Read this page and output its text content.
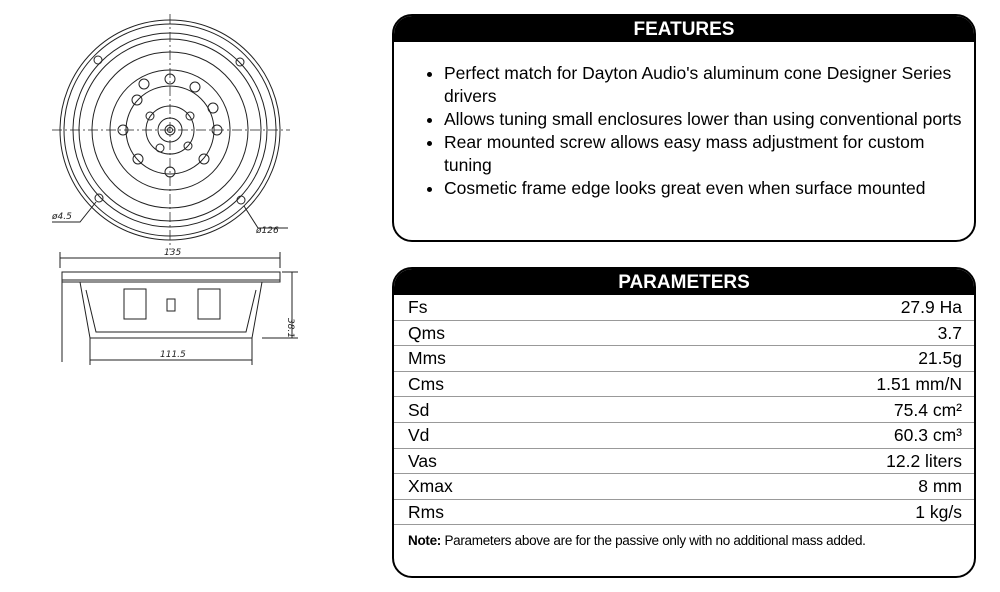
ø4.5
ø126
135
38.1
111.5
FEATURES
• Perfect match for Dayton Audio's aluminum cone Designer Series drivers
• Allows tuning small enclosures lower than using conventional ports
• Rear mounted screw allows easy mass adjustment for custom tuning
• Cosmetic frame edge looks great even when surface mounted
PARAMETERS
Fs	27.9 Ha
Qms	3.7
Mms	21.5g
Cms	1.51 mm/N
Sd	75.4 cm²
Vd	60.3 cm³
Vas	12.2 liters
Xmax	8 mm
Rms	1 kg/s
Note: Parameters above are for the passive only with no additional mass added.
